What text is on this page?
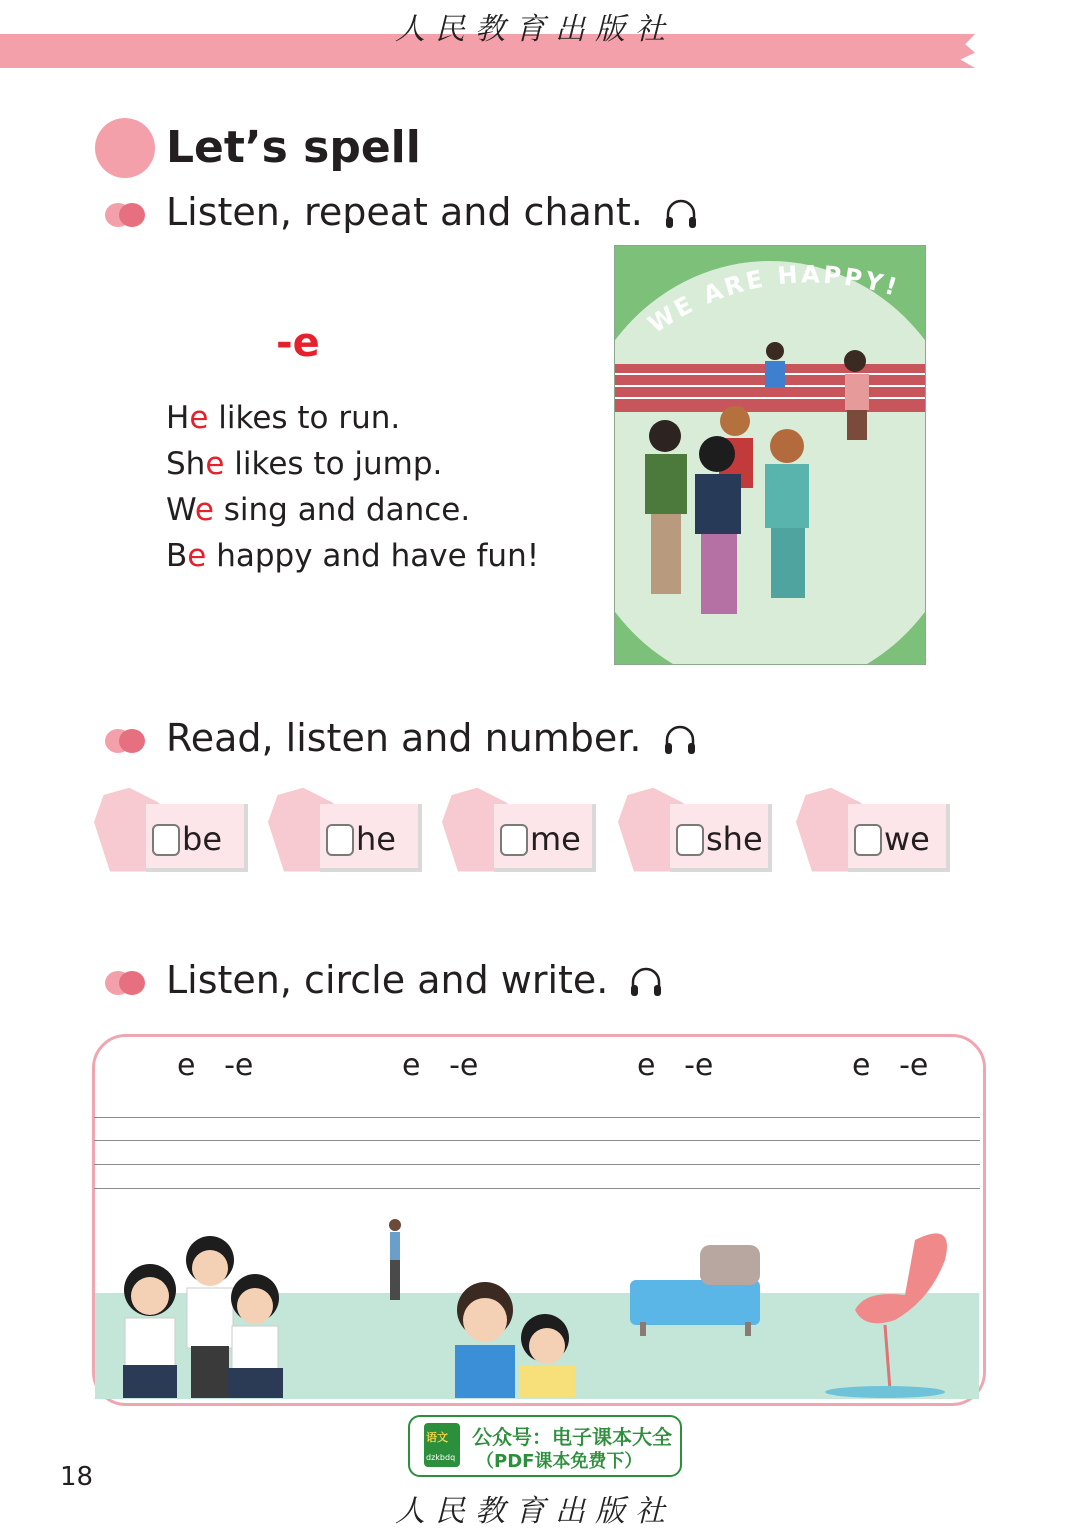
人民教育出版社
Let’s spell
Listen, repeat and chant.
-e
He likes to run.
She likes to jump.
We sing and dance.
Be happy and have fun!
WE ARE HAPPY!
Read, listen and number.
be	he	me	she	we
Listen, circle and write.
e -e	e -e	e -e	e -e
语文
dzkbdq
公众号：电子课本大全
（PDF课本免费下）
18
人民教育出版社
